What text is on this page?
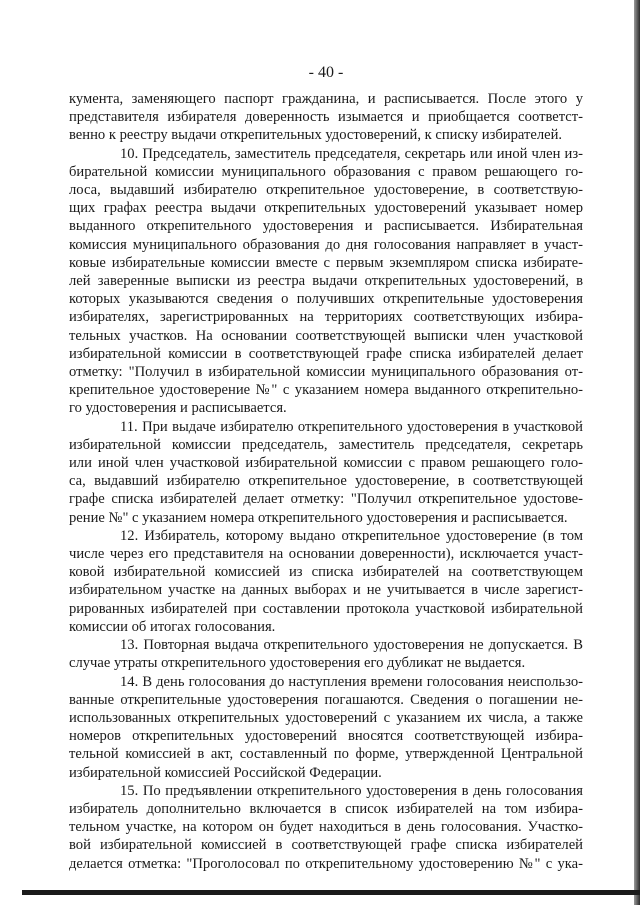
- 40 -

кумента, заменяющего паспорт гражданина, и расписывается. После этого у
представителя избирателя доверенность изымается и приобщается соответст-
венно к реестру выдачи открепительных удостоверений, к списку избирателей.

10. Председатель, заместитель председателя, секретарь или иной член из-
бирательной комиссии муниципального образования с правом решающего го-
лоса, выдавший избирателю открепительное удостоверение, в соответствую-
щих графах реестра выдачи открепительных удостоверений указывает номер
выданного открепительного удостоверения и расписывается. Избирательная
комиссия муниципального образования до дня голосования направляет в участ-
ковые избирательные комиссии вместе с первым экземпляром списка избирате-
лей заверенные выписки из реестра выдачи открепительных удостоверений, в
которых указываются сведения о получивших открепительные удостоверения
избирателях, зарегистрированных на территориях соответствующих избира-
тельных участков. На основании соответствующей выписки член участковой
избирательной комиссии в соответствующей графе списка избирателей делает
отметку: "Получил в избирательной комиссии муниципального образования от-
крепительное удостоверение №" с указанием номера выданного открепительно-
го удостоверения и расписывается.

11. При выдаче избирателю открепительного удостоверения в участковой
избирательной комиссии председатель, заместитель председателя, секретарь
или иной член участковой избирательной комиссии с правом решающего голо-
са, выдавший избирателю открепительное удостоверение, в соответствующей
графе списка избирателей делает отметку: "Получил открепительное удостове-
рение №" с указанием номера открепительного удостоверения и расписывается.

12. Избиратель, которому выдано открепительное удостоверение (в том
числе через его представителя на основании доверенности), исключается участ-
ковой избирательной комиссией из списка избирателей на соответствующем
избирательном участке на данных выборах и не учитывается в числе зарегист-
рированных избирателей при составлении протокола участковой избирательной
комиссии об итогах голосования.

13. Повторная выдача открепительного удостоверения не допускается. В
случае утраты открепительного удостоверения его дубликат не выдается.

14. В день голосования до наступления времени голосования неиспользо-
ванные открепительные удостоверения погашаются. Сведения о погашении не-
использованных открепительных удостоверений с указанием их числа, а также
номеров открепительных удостоверений вносятся соответствующей избира-
тельной комиссией в акт, составленный по форме, утвержденной Центральной
избирательной комиссией Российской Федерации.

15. По предъявлении открепительного удостоверения в день голосования
избиратель дополнительно включается в список избирателей на том избира-
тельном участке, на котором он будет находиться в день голосования. Участко-
вой избирательной комиссией в соответствующей графе списка избирателей
делается отметка: "Проголосовал по открепительному удостоверению №" с ука-
